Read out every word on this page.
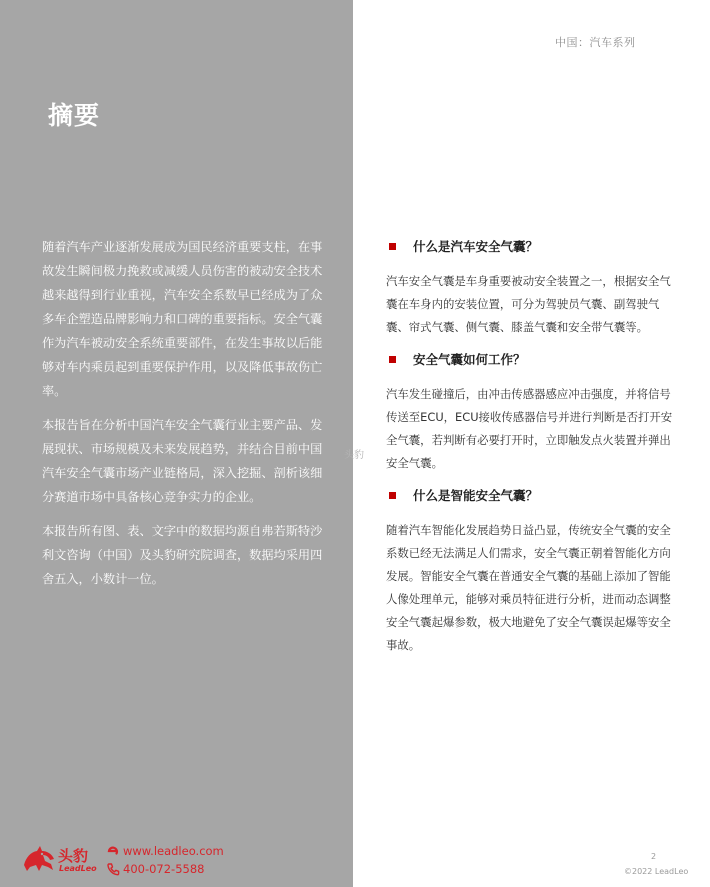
摘要

随着汽车产业逐渐发展成为国民经济重要支柱，在事故发生瞬间极力挽救或减缓人员伤害的被动安全技术越来越得到行业重视，汽车安全系数早已经成为了众多车企塑造品牌影响力和口碑的重要指标。安全气囊作为汽车被动安全系统重要部件，在发生事故以后能够对车内乘员起到重要保护作用，以及降低事故伤亡率。

本报告旨在分析中国汽车安全气囊行业主要产品、发展现状、市场规模及未来发展趋势，并结合目前中国汽车安全气囊市场产业链格局，深入挖掘、剖析该细分赛道市场中具备核心竞争实力的企业。

本报告所有图、表、文字中的数据均源自弗若斯特沙利文咨询（中国）及头豹研究院调查，数据均采用四舍五入，小数计一位。

头豹
LeadLeo
www.leadleo.com
400-072-5588
中国：汽车系列
头豹
什么是汽车安全气囊？

汽车安全气囊是车身重要被动安全装置之一，根据安全气囊在车身内的安装位置，可分为驾驶员气囊、副驾驶气囊、帘式气囊、侧气囊、膝盖气囊和安全带气囊等。

安全气囊如何工作？

汽车发生碰撞后，由冲击传感器感应冲击强度，并将信号传送至ECU，ECU接收传感器信号并进行判断是否打开安全气囊，若判断有必要打开时，立即触发点火装置并弹出安全气囊。

什么是智能安全气囊？

随着汽车智能化发展趋势日益凸显，传统安全气囊的安全系数已经无法满足人们需求，安全气囊正朝着智能化方向发展。智能安全气囊在普通安全气囊的基础上添加了智能人像处理单元，能够对乘员特征进行分析，进而动态调整安全气囊起爆参数，极大地避免了安全气囊误起爆等安全事故。

2
©2022 LeadLeo
